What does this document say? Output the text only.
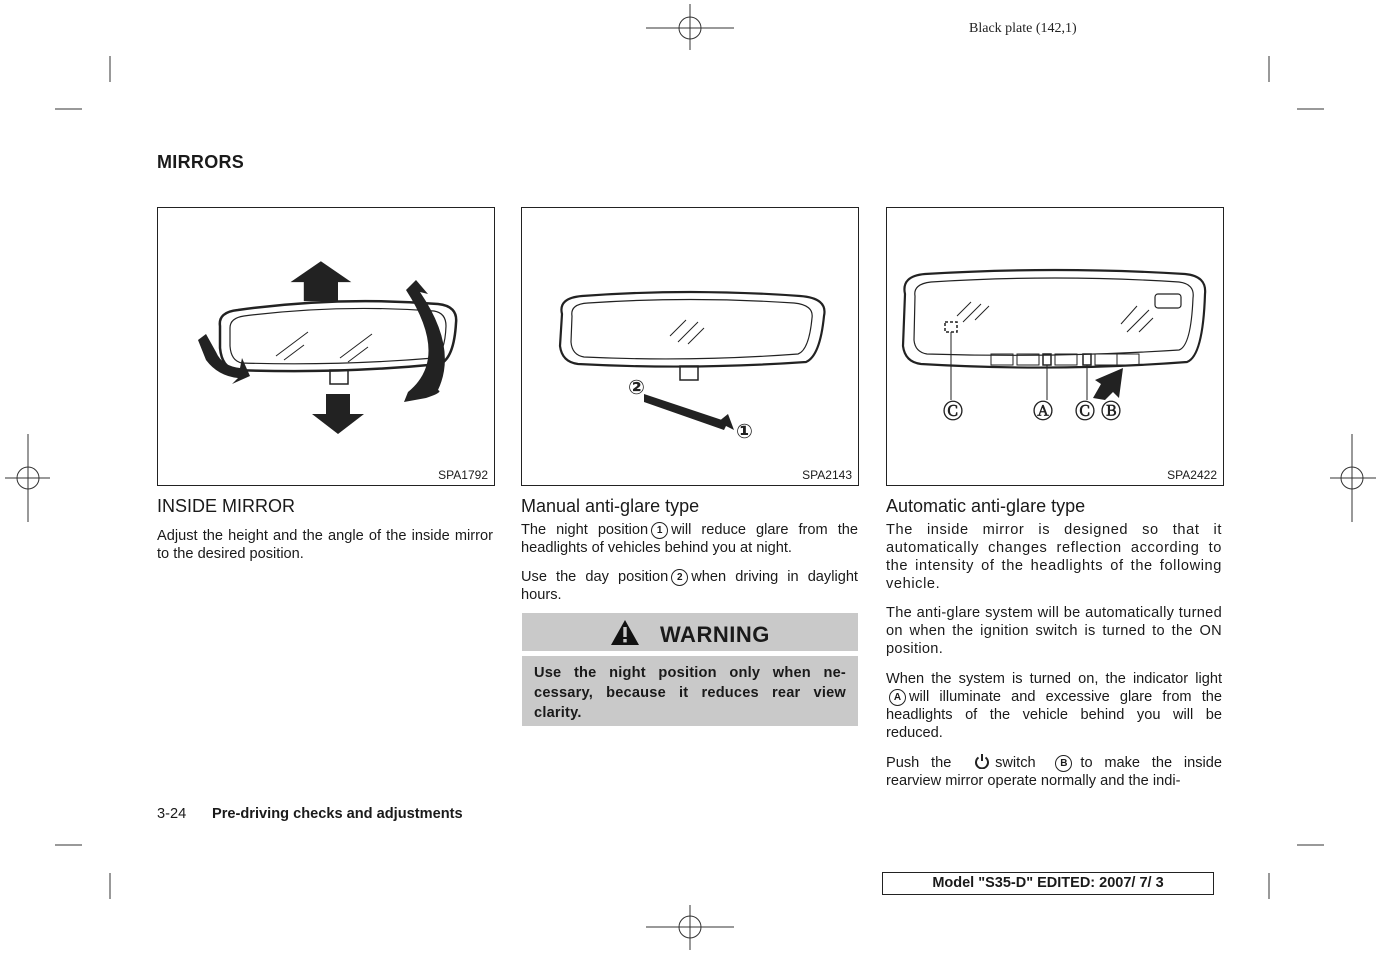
Black plate (142,1)
MIRRORS
SPA1792
②
①
SPA2143
Ⓒ	Ⓐ Ⓒ Ⓑ
SPA2422
INSIDE MIRROR
Adjust the height and the angle of the inside mirror to the desired position.
Manual anti-glare type
The night position 1 will reduce glare from the headlights of vehicles behind you at night.
Use the day position 2 when driving in daylight hours.
WARNING
Use the night position only when ne- cessary, because it reduces rear view clarity.
Automatic anti-glare type
The inside mirror is designed so that it automatically changes reflection according to the intensity of the headlights of the following vehicle.
The anti-glare system will be automatically turned on when the ignition switch is turned to the ON position.
When the system is turned on, the indicator light A will illuminate and excessive glare from the headlights of the vehicle behind you will be reduced.
Push the	switch B to make the inside rearview mirror operate normally and the indi-
3-24 Pre-driving checks and adjustments
Model "S35-D" EDITED: 2007/ 7/ 3
